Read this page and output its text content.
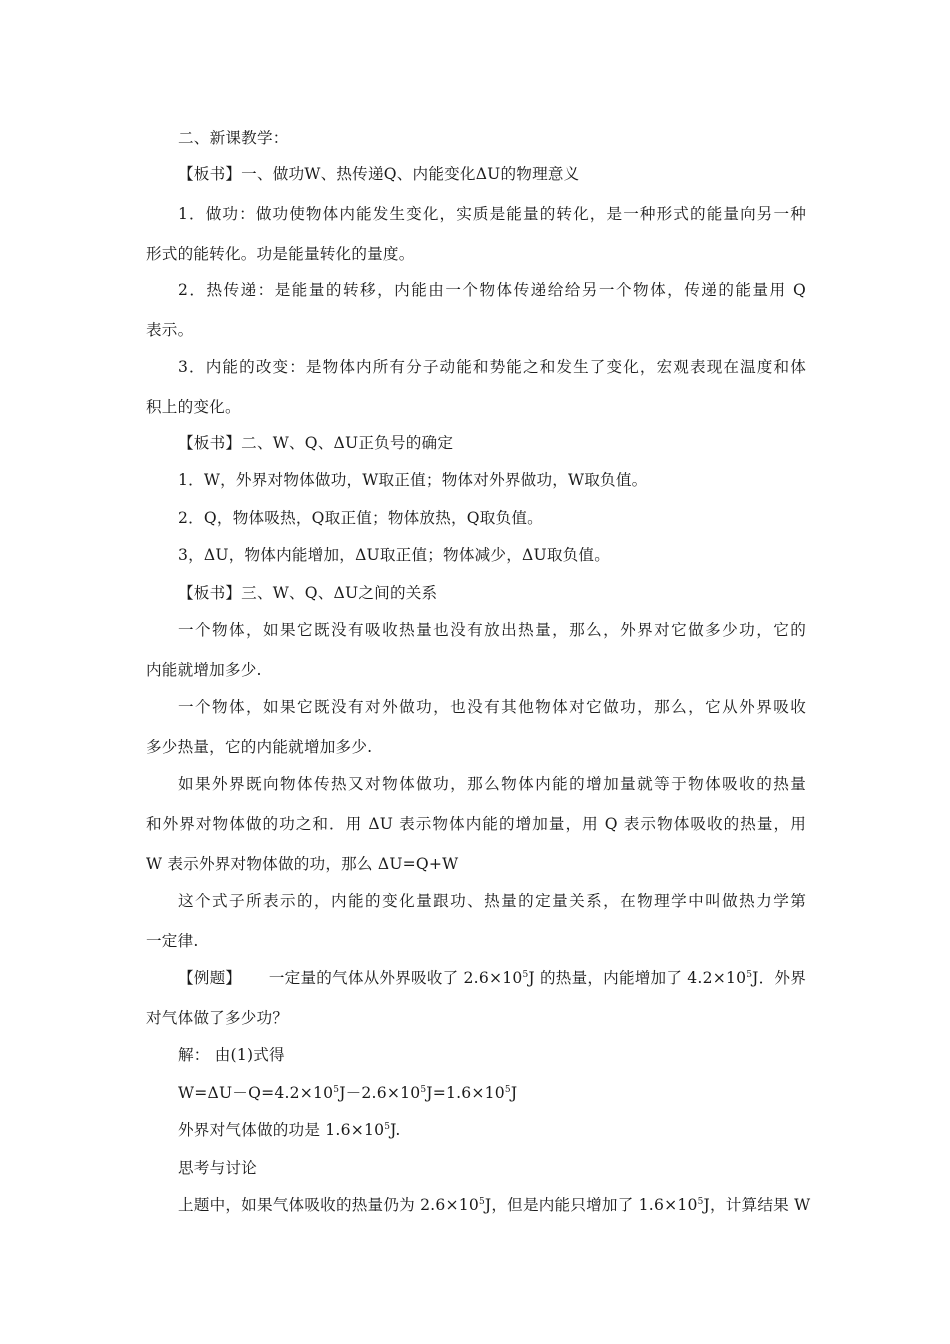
二、新课教学：
【板书】一、做功W、热传递Q、内能变化ΔU的物理意义
1．做功：做功使物体内能发生变化，实质是能量的转化，是一种形式的能量向另一种
形式的能转化。功是能量转化的量度。
2．热传递：是能量的转移，内能由一个物体传递给给另一个物体，传递的能量用 Q
表示。
3．内能的改变：是物体内所有分子动能和势能之和发生了变化，宏观表现在温度和体
积上的变化。
【板书】二、W、Q、ΔU正负号的确定
1．W，外界对物体做功，W取正值；物体对外界做功，W取负值。
2．Q，物体吸热，Q取正值；物体放热，Q取负值。
3，ΔU，物体内能增加，ΔU取正值；物体减少，ΔU取负值。
【板书】三、W、Q、ΔU之间的关系
一个物体，如果它既没有吸收热量也没有放出热量，那么，外界对它做多少功，它的
内能就增加多少.
一个物体，如果它既没有对外做功，也没有其他物体对它做功，那么，它从外界吸收
多少热量，它的内能就增加多少.
如果外界既向物体传热又对物体做功，那么物体内能的增加量就等于物体吸收的热量
和外界对物体做的功之和．用 ΔU 表示物体内能的增加量，用 Q 表示物体吸收的热量，用
W 表示外界对物体做的功，那么 ΔU=Q+W
这个式子所表示的，内能的变化量跟功、热量的定量关系，在物理学中叫做热力学第
一定律.
【例题】 一定量的气体从外界吸收了 $2.6\times 10^5J$ 的热量，内能增加了 $4.2\times 10^5J$．外界
对气体做了多少功？
解： 由(1)式得
$W=\Delta U-Q=4.2\times 10^5J-2.6\times 10^5J=1.6\times 10^5J$
外界对气体做的功是 $1.6\times 10^5J$.
思考与讨论
上题中，如果气体吸收的热量仍为 $2.6\times 10^5$ J，但是内能只增加了 $1.6\times 10^5$ J，计算结果 W
